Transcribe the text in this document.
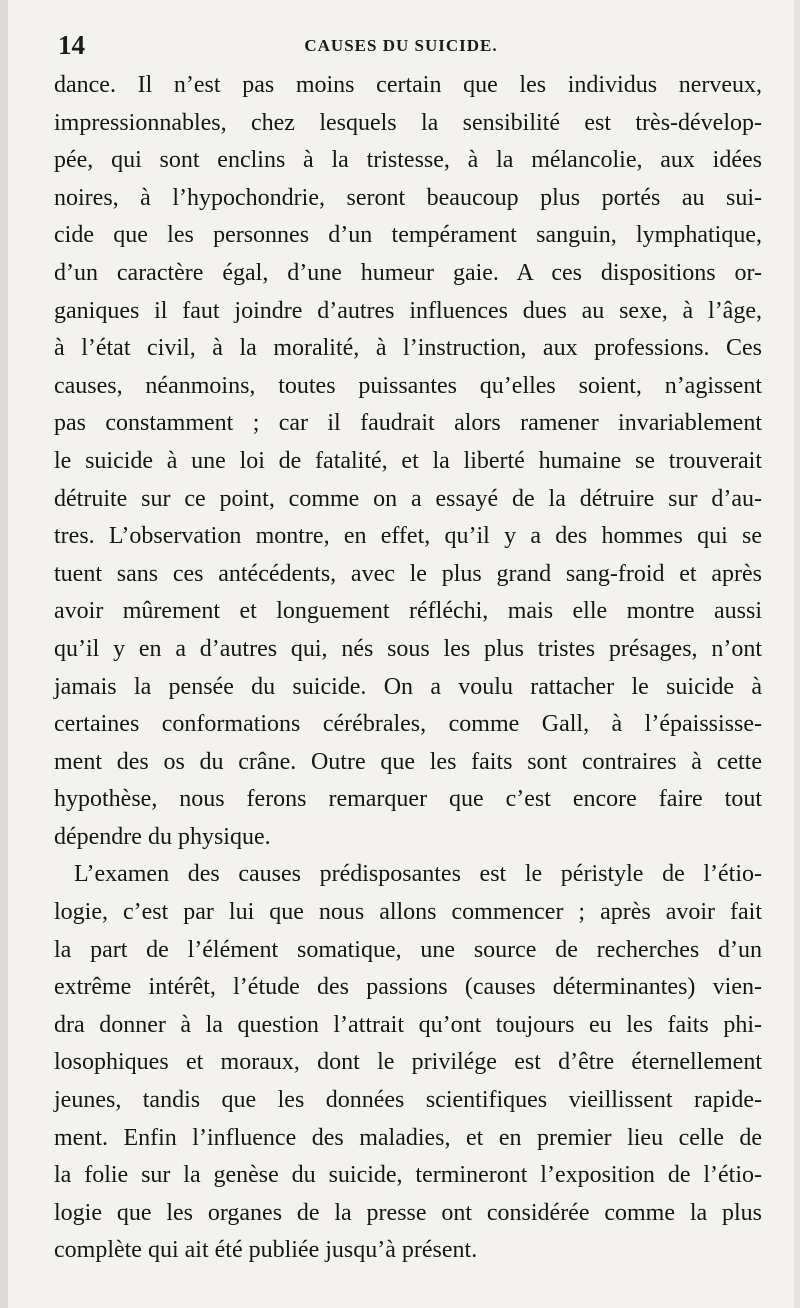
14	CAUSES DU SUICIDE.
dance. Il n’est pas moins certain que les individus nerveux,
impressionnables, chez lesquels la sensibilité est très-dévelop-
pée, qui sont enclins à la tristesse, à la mélancolie, aux idées
noires, à l’hypochondrie, seront beaucoup plus portés au sui-
cide que les personnes d’un tempérament sanguin, lymphatique,
d’un caractère égal, d’une humeur gaie. A ces dispositions or-
ganiques il faut joindre d’autres influences dues au sexe, à l’âge,
à l’état civil, à la moralité, à l’instruction, aux professions. Ces
causes, néanmoins, toutes puissantes qu’elles soient, n’agissent
pas constamment ; car il faudrait alors ramener invariablement
le suicide à une loi de fatalité, et la liberté humaine se trouverait
détruite sur ce point, comme on a essayé de la détruire sur d’au-
tres. L’observation montre, en effet, qu’il y a des hommes qui se
tuent sans ces antécédents, avec le plus grand sang-froid et après
avoir mûrement et longuement réfléchi, mais elle montre aussi
qu’il y en a d’autres qui, nés sous les plus tristes présages, n’ont
jamais la pensée du suicide. On a voulu rattacher le suicide à
certaines conformations cérébrales, comme Gall, à l’épaississe-
ment des os du crâne. Outre que les faits sont contraires à cette
hypothèse, nous ferons remarquer que c’est encore faire tout
dépendre du physique.
L’examen des causes prédisposantes est le péristyle de l’étio-
logie, c’est par lui que nous allons commencer ; après avoir fait
la part de l’élément somatique, une source de recherches d’un
extrême intérêt, l’étude des passions (causes déterminantes) vien-
dra donner à la question l’attrait qu’ont toujours eu les faits phi-
losophiques et moraux, dont le privilége est d’être éternellement
jeunes, tandis que les données scientifiques vieillissent rapide-
ment. Enfin l’influence des maladies, et en premier lieu celle de
la folie sur la genèse du suicide, termineront l’exposition de l’étio-
logie que les organes de la presse ont considérée comme la plus
complète qui ait été publiée jusqu’à présent.
